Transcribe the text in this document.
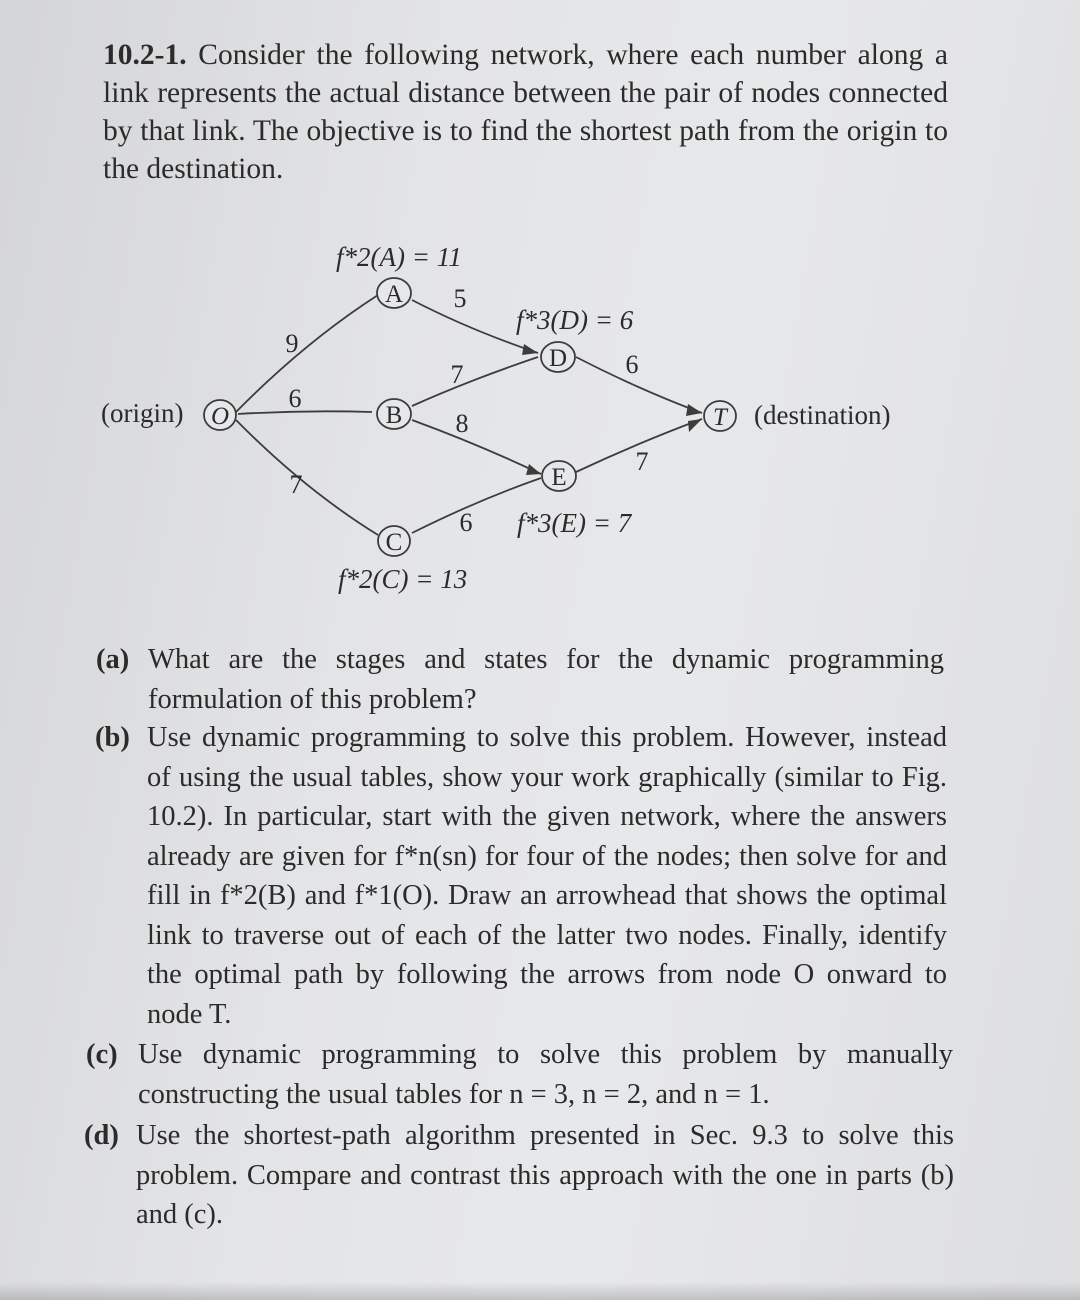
10.2-1. Consider the following network, where each number along a link represents the actual distance between the pair of nodes connected by that link. The objective is to find the shortest path from the origin to the destination.

O
A
B
C
D
E
T
(origin)	(destination)
9
6
7
5
7
8
6
6
7
f*2(A) = 11
f*3(D) = 6
f*3(E) = 7
f*2(C) = 13
(a) What are the stages and states for the dynamic programming formulation of this problem?
(b) Use dynamic programming to solve this problem. However, instead of using the usual tables, show your work graphically (similar to Fig. 10.2). In particular, start with the given network, where the answers already are given for f*n(sn) for four of the nodes; then solve for and fill in f*2(B) and f*1(O). Draw an arrowhead that shows the optimal link to traverse out of each of the latter two nodes. Finally, identify the optimal path by following the arrows from node O onward to node T.
(c) Use dynamic programming to solve this problem by manually constructing the usual tables for n = 3, n = 2, and n = 1.
(d) Use the shortest-path algorithm presented in Sec. 9.3 to solve this problem. Compare and contrast this approach with the one in parts (b) and (c).
